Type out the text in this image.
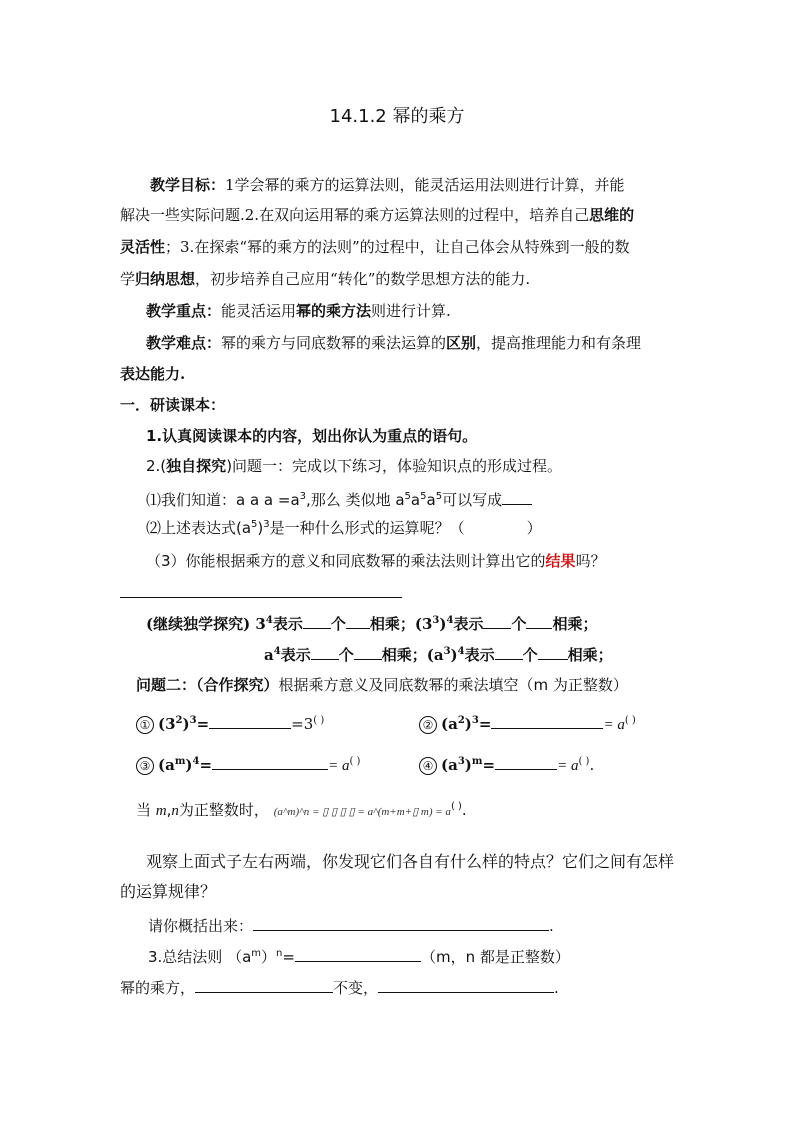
14.1.2 幂的乘方
教学目标：1学会幂的乘方的运算法则，能灵活运用法则进行计算，并能
解决一些实际问题.2.在双向运用幂的乘方运算法则的过程中，培养自己思维的
灵活性；3.在探索“幂的乘方的法则”的过程中，让自己体会从特殊到一般的数
学归纳思想，初步培养自己应用“转化”的数学思想方法的能力.
教学重点：能灵活运用幂的乘方法则进行计算.
教学难点：幂的乘方与同底数幂的乘法运算的区别，提高推理能力和有条理
表达能力.
一．研读课本：
1.认真阅读课本的内容，划出你认为重点的语句。
2.(独自探究)问题一：完成以下练习，体验知识点的形成过程。
⑴我们知道：a a $a =a^3$,那么 类似地 $a^5a^5a^5$可以写成
⑵上述表达式$(a^5)^3$是一种什么形式的运算呢？（	）
（3）你能根据乘方的意义和同底数幂的乘法法则计算出它的结果吗？
(继续独学探究) $3^4$表示 个 相乘；$(3^3)^4$表示 个 相乘；
$a^4$表示 个 相乘；$(a^3)^4$表示 个 相乘；
问题二：（合作探究）根据乘方意义及同底数幂的乘法填空（m 为正整数）
① $(3^2)^3=$	=3( )	② $(a^2)^3=$	= a( )
③ $(a^m)^4=$	= a( )	④ $(a^3)^m=$	= a( ).
当 m,n为正整数时， (a^m)^n = ▯ ▯ ▯ ▯ = a^(m+m+▯ m) = a( ).
观察上面式子左右两端，你发现它们各自有什么样的特点？它们之间有怎样
的运算规律？
请你概括出来：	.
3.总结法则 $(a^m)^n=$	（m，n 都是正整数）
幂的乘方，	不变，	.
